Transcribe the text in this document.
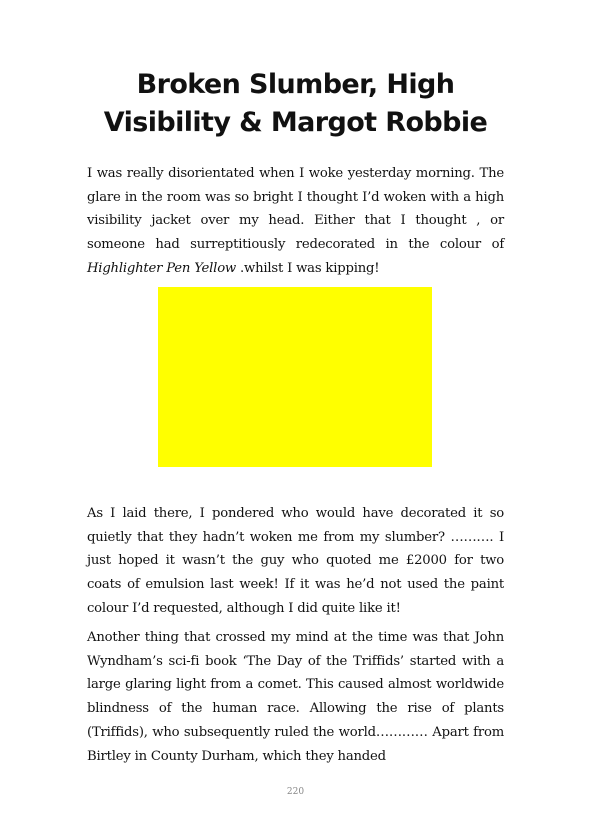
Broken Slumber, High
Visibility & Margot Robbie

I was really disorientated when I woke yesterday morning. The glare in the room was so bright I thought I’d woken with a high visibility jacket over my head. Either that I thought , or someone had surreptitiously redecorated in the colour of Highlighter Pen Yellow .whilst I was kipping!

As I laid there, I pondered who would have decorated it so quietly that they hadn’t woken me from my slumber? ………. I just hoped it wasn’t the guy who quoted me £2000 for two coats of emulsion last week! If it was he’d not used the paint colour I’d requested, although I did quite like it!

Another thing that crossed my mind at the time was that John Wyndham’s sci-fi book ‘The Day of the Triffids’ started with a large glaring light from a comet. This caused almost worldwide blindness of the human race. Allowing the rise of plants (Triffids), who subsequently ruled the world………… Apart from Birtley in County Durham, which they handed

220
